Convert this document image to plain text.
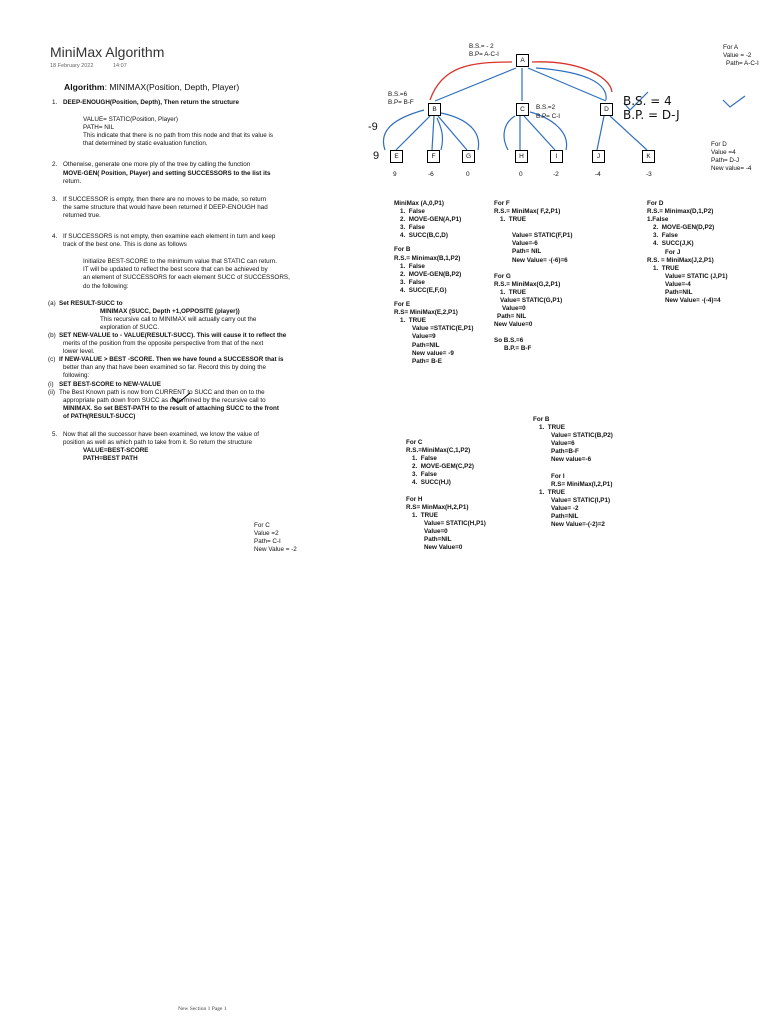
MiniMax Algorithm
18 February 2022	14:07
Algorithm: MINIMAX(Position, Depth, Player)
1. DEEP-ENOUGH(Position, Depth), Then return the structure
VALUE= STATIC(Position, Player)
PATH= NIL
This indicate that there is no path from this node and that its value is
that determined by static evaluation function.
2. Otherwise, generate one more ply of the tree by calling the function
MOVE-GEN( Position, Player) and setting SUCCESSORS to the list its
return.
3. If SUCCESSOR is empty, then there are no moves to be made, so return
the same structure that would have been returned if DEEP-ENOUGH had
returned true.
4. If SUCCESSORS is not empty, then examine each element in turn and keep
track of the best one. This is done as follows
Initialize BEST-SCORE to the minimum value that STATIC can return.
IT will be updated to reflect the best score that can be achieved by
an element of SUCCESSORS for each element SUCC of SUCCESSORS,
do the following:
(a) Set RESULT-SUCC to
MINIMAX (SUCC, Depth +1,OPPOSITE (player))
This recursive call to MINIMAX will actually carry out the
exploration of SUCC.
(b) SET NEW-VALUE to - VALUE(RESULT-SUCC). This will cause it to reflect the
merits of the position from the opposite perspective from that of the next
lower level.
(c) If NEW-VALUE > BEST -SCORE. Then we have found a SUCCESSOR that is
better than any that have been examined so far. Record this by doing the
following:
(i) SET BEST-SCORE to NEW-VALUE
(ii) The Best Known path is now from CURRENT to SUCC and then on to the
appropriate path down from SUCC as determined by the recursive call to
MINIMAX. So set BEST-PATH to the result of attaching SUCC to the front
of PATH(RESULT-SUCC)
5. Now that all the successor have been examined, we know the value of
position as well as which path to take from it. So return the structure
VALUE=BEST-SCORE
PATH=BEST PATH
A
B	C	D
E	F	G	H	I	J	K
9	-6	0	0	-2	-4	-3
B.S.= - 2
B.P= A-C-I
B.S.=6
B.P= B-F
B.S.=2
B.P= C-I
B.S. = 4
B.P. = D-J
-9
9
For A
Value = -2
Path= A-C-I
For D
Value =4
Path= D-J
New value= -4
MiniMax (A,0,P1)
1.  False
2.  MOVE-GEN(A,P1)
3.  False
4.  SUCC(B,C,D)
For B
R.S.= Minimax(B,1,P2)
1.  False
2.  MOVE-GEN(B,P2)
3.  False
4.  SUCC(E,F,G)
For E
R.S= MiniMax(E,2,P1)
1.  TRUE
Value =STATIC(E,P1)
Value=9
Path=NIL
New value= -9
Path= B-E
For F
R.S.= MiniMax( F,2,P1)
1.  TRUE
Value= STATIC(F,P1)
Value=-6
Path= NIL
New Value= -(-6)=6
For G
R.S.= MiniMax(G,2,P1)
1.  TRUE
Value= STATIC(G,P1)
Value=0
Path= NIL
New Value=0
So B.S.=6
B.P.= B-F
For D
R.S.= Minimax(D,1,P2)
1.False
2.  MOVE-GEN(D,P2)
3.  False
4.  SUCC(J,K)
For J
R.S. = MiniMax(J,2,P1)
1.  TRUE
Value= STATIC (J,P1)
Value=-4
Path=NIL
New Value= -(-4)=4
For B
1.  TRUE
Value= STATIC(B,P2)
Value=6
Path=B-F
New value=-6
For I
R.S= MiniMax(I,2,P1)
1.  TRUE
Value= STATIC(I,P1)
Value= -2
Path=NIL
New Value=-(-2)=2
For C
R.S.=MiniMax(C,1,P2)
1.  False
2.  MOVE-GEM(C,P2)
3.  False
4.  SUCC(H,I)
For H
R.S= MinMax(H,2,P1)
1.  TRUE
Value= STATIC(H,P1)
Value=0
Path=NIL
New Value=0
For C
Value =2
Path= C-I
New Value = -2
New Section 1 Page 1
